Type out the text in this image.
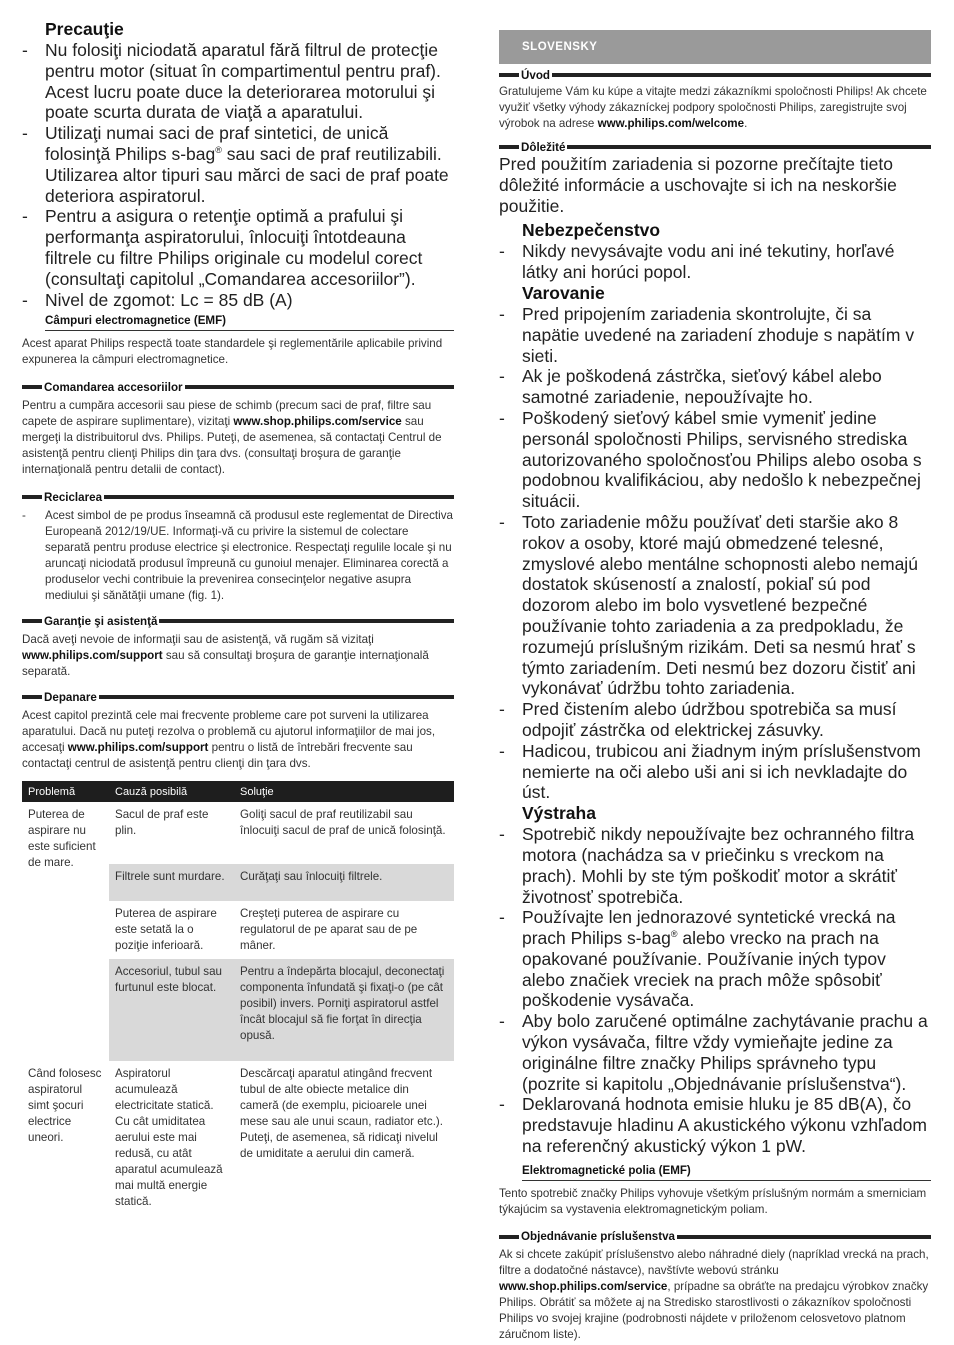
Precauţie
- Nu folosiţi niciodată aparatul fără filtrul de protecţie pentru motor (situat în compartimentul pentru praf). Acest lucru poate duce la deteriorarea motorului şi poate scurta durata de viaţă a aparatului.
- Utilizaţi numai saci de praf sintetici, de unică folosinţă Philips s-bag® sau saci de praf reutilizabili. Utilizarea altor tipuri sau mărci de saci de praf poate deteriora aspiratorul.
- Pentru a asigura o retenţie optimă a prafului şi performanţa aspiratorului, înlocuiţi întotdeauna filtrele cu filtre Philips originale cu modelul corect (consultaţi capitolul „Comandarea accesoriilor”).
- Nivel de zgomot: Lc = 85 dB (A)
Câmpuri electromagnetice (EMF)
Acest aparat Philips respectă toate standardele şi reglementările aplicabile privind expunerea la câmpuri electromagnetice.
Comandarea accesoriilor
Pentru a cumpăra accesorii sau piese de schimb (precum saci de praf, filtre sau capete de aspirare suplimentare), vizitaţi www.shop.philips.com/service sau mergeţi la distribuitorul dvs. Philips. Puteţi, de asemenea, să contactaţi Centrul de asistenţă pentru clienţi Philips din ţara dvs. (consultaţi broşura de garanţie internaţională pentru detalii de contact).
Reciclarea
- Acest simbol de pe produs înseamnă că produsul este reglementat de Directiva Europeană 2012/19/UE. Informaţi-vă cu privire la sistemul de colectare separată pentru produse electrice şi electronice. Respectaţi regulile locale şi nu aruncaţi niciodată produsul împreună cu gunoiul menajer. Eliminarea corectă a produselor vechi contribuie la prevenirea consecinţelor negative asupra mediului şi sănătăţii umane (fig. 1).
Garanţie şi asistenţă
Dacă aveţi nevoie de informaţii sau de asistenţă, vă rugăm să vizitaţi www.philips.com/support sau să consultaţi broşura de garanţie internaţională separată.
Depanare
Acest capitol prezintă cele mai frecvente probleme care pot surveni la utilizarea aparatului. Dacă nu puteţi rezolva o problemă cu ajutorul informaţiilor de mai jos, accesaţi www.philips.com/support pentru o listă de întrebări frecvente sau contactaţi centrul de asistenţă pentru clienţi din ţara dvs.
Problemă	Cauză posibilă	Soluţie
Puterea de aspirare nu este suficient de mare.	Sacul de praf este plin.	Goliţi sacul de praf reutilizabil sau înlocuiţi sacul de praf de unică folosinţă.
	Filtrele sunt murdare.	Curăţaţi sau înlocuiţi filtrele.
	Puterea de aspirare este setată la o poziţie inferioară.	Creşteţi puterea de aspirare cu regulatorul de pe aparat sau de pe mâner.
	Accesoriul, tubul sau furtunul este blocat.	Pentru a îndepărta blocajul, deconectaţi componenta înfundată şi fixaţi-o (pe cât posibil) invers. Porniţi aspiratorul astfel încât blocajul să fie forţat în direcţia opusă.
Când folosesc aspiratorul simt şocuri electrice uneori.	Aspiratorul acumulează electricitate statică. Cu cât umiditatea aerului este mai redusă, cu atât aparatul acumulează mai multă energie statică.	Descărcaţi aparatul atingând frecvent tubul de alte obiecte metalice din cameră (de exemplu, picioarele unei mese sau ale unui scaun, radiator etc.). Puteţi, de asemenea, să ridicaţi nivelul de umiditate a aerului din cameră.
SLOVENSKY
Úvod
Gratulujeme Vám ku kúpe a vitajte medzi zákazníkmi spoločnosti Philips! Ak chcete využiť všetky výhody zákazníckej podpory spoločnosti Philips, zaregistrujte svoj výrobok na adrese www.philips.com/welcome.
Dôležité
Pred použitím zariadenia si pozorne prečítajte tieto dôležité informácie a uschovajte si ich na neskoršie použitie.
Nebezpečenstvo
- Nikdy nevysávajte vodu ani iné tekutiny, horľavé látky ani horúci popol.
Varovanie
- Pred pripojením zariadenia skontrolujte, či sa napätie uvedené na zariadení zhoduje s napätím v sieti.
- Ak je poškodená zástrčka, sieťový kábel alebo samotné zariadenie, nepoužívajte ho.
- Poškodený sieťový kábel smie vymeniť jedine personál spoločnosti Philips, servisného strediska autorizovaného spoločnosťou Philips alebo osoba s podobnou kvalifikáciou, aby nedošlo k nebezpečnej situácii.
- Toto zariadenie môžu používať deti staršie ako 8 rokov a osoby, ktoré majú obmedzené telesné, zmyslové alebo mentálne schopnosti alebo nemajú dostatok skúseností a znalostí, pokiaľ sú pod dozorom alebo im bolo vysvetlené bezpečné používanie tohto zariadenia a za predpokladu, že rozumejú príslušným rizikám. Deti sa nesmú hrať s týmto zariadením. Deti nesmú bez dozoru čistiť ani vykonávať údržbu tohto zariadenia.
- Pred čistením alebo údržbou spotrebiča sa musí odpojiť zástrčka od elektrickej zásuvky.
- Hadicou, trubicou ani žiadnym iným príslušenstvom nemierte na oči alebo uši ani si ich nevkladajte do úst.
Výstraha
- Spotrebič nikdy nepoužívajte bez ochranného filtra motora (nachádza sa v priečinku s vreckom na prach). Mohli by ste tým poškodiť motor a skrátiť životnosť spotrebiča.
- Používajte len jednorazové syntetické vrecká na prach Philips s-bag® alebo vrecko na prach na opakované používanie. Používanie iných typov alebo značiek vreciek na prach môže spôsobiť poškodenie vysávača.
- Aby bolo zaručené optimálne zachytávanie prachu a výkon vysávača, filtre vždy vymieňajte jedine za originálne filtre značky Philips správneho typu (pozrite si kapitolu „Objednávanie príslušenstva“).
- Deklarovaná hodnota emisie hluku je 85 dB(A), čo predstavuje hladinu A akustického výkonu vzhľadom na referenčný akustický výkon 1 pW.
Elektromagnetické polia (EMF)
Tento spotrebič značky Philips vyhovuje všetkým príslušným normám a smerniciam týkajúcim sa vystavenia elektromagnetickým poliam.
Objednávanie príslušenstva
Ak si chcete zakúpiť príslušenstvo alebo náhradné diely (napríklad vrecká na prach, filtre a dodatočné nástavce), navštívte webovú stránku www.shop.philips.com/service, prípadne sa obráťte na predajcu výrobkov značky Philips. Obrátiť sa môžete aj na Stredisko starostlivosti o zákazníkov spoločnosti Philips vo svojej krajine (podrobnosti nájdete v priloženom celosvetovo platnom záručnom liste).
